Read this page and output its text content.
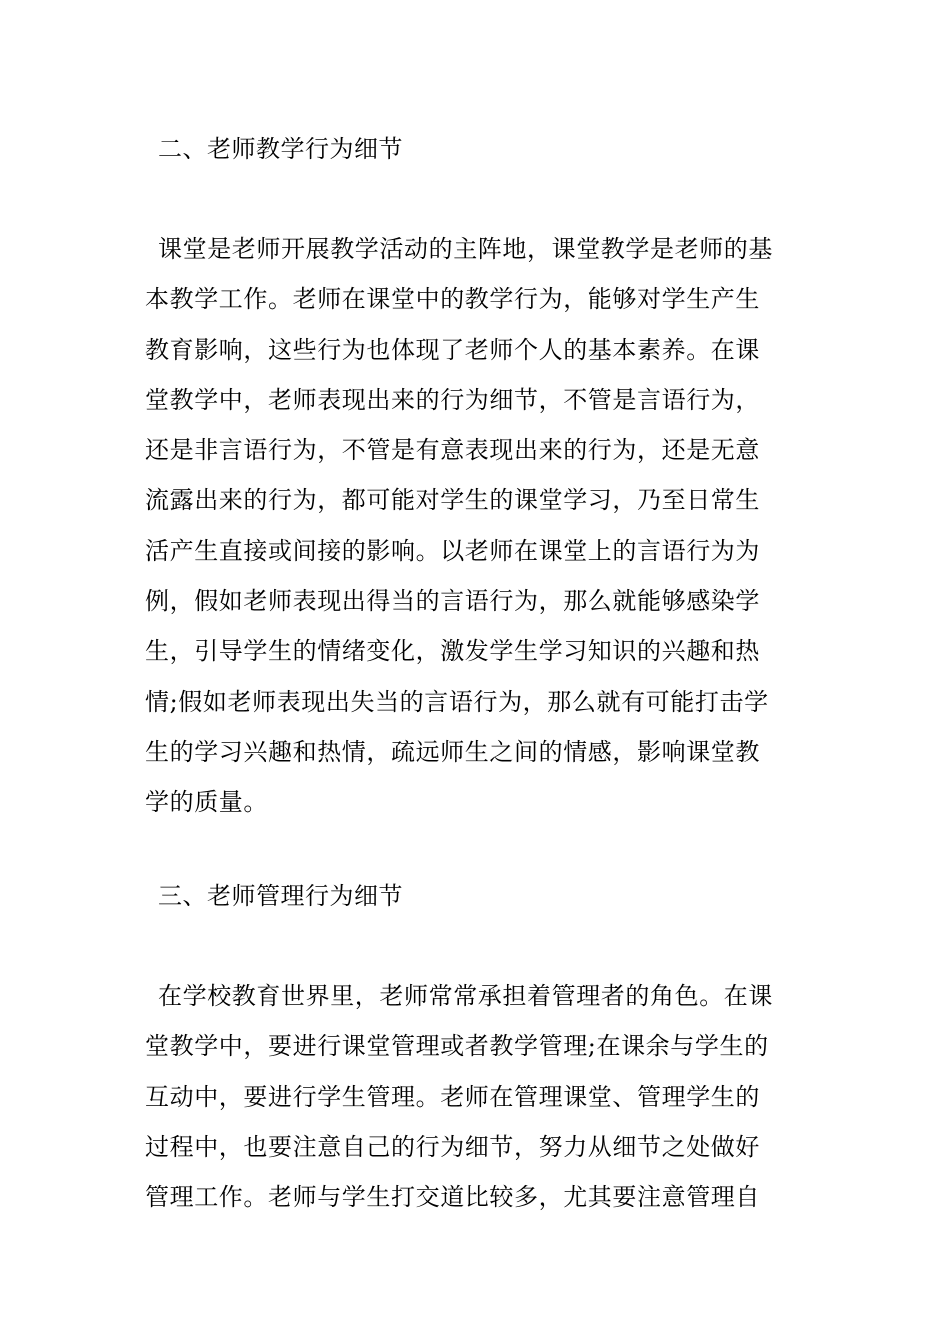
二、老师教学行为细节
课堂是老师开展教学活动的主阵地，课堂教学是老师的基
本教学工作。老师在课堂中的教学行为，能够对学生产生
教育影响，这些行为也体现了老师个人的基本素养。在课
堂教学中，老师表现出来的行为细节，不管是言语行为，
还是非言语行为，不管是有意表现出来的行为，还是无意
流露出来的行为，都可能对学生的课堂学习，乃至日常生
活产生直接或间接的影响。以老师在课堂上的言语行为为
例，假如老师表现出得当的言语行为，那么就能够感染学
生，引导学生的情绪变化，激发学生学习知识的兴趣和热
情;假如老师表现出失当的言语行为，那么就有可能打击学
生的学习兴趣和热情，疏远师生之间的情感，影响课堂教
学的质量。
三、老师管理行为细节
在学校教育世界里，老师常常承担着管理者的角色。在课
堂教学中，要进行课堂管理或者教学管理;在课余与学生的
互动中，要进行学生管理。老师在管理课堂、管理学生的
过程中，也要注意自己的行为细节，努力从细节之处做好
管理工作。老师与学生打交道比较多，尤其要注意管理自
